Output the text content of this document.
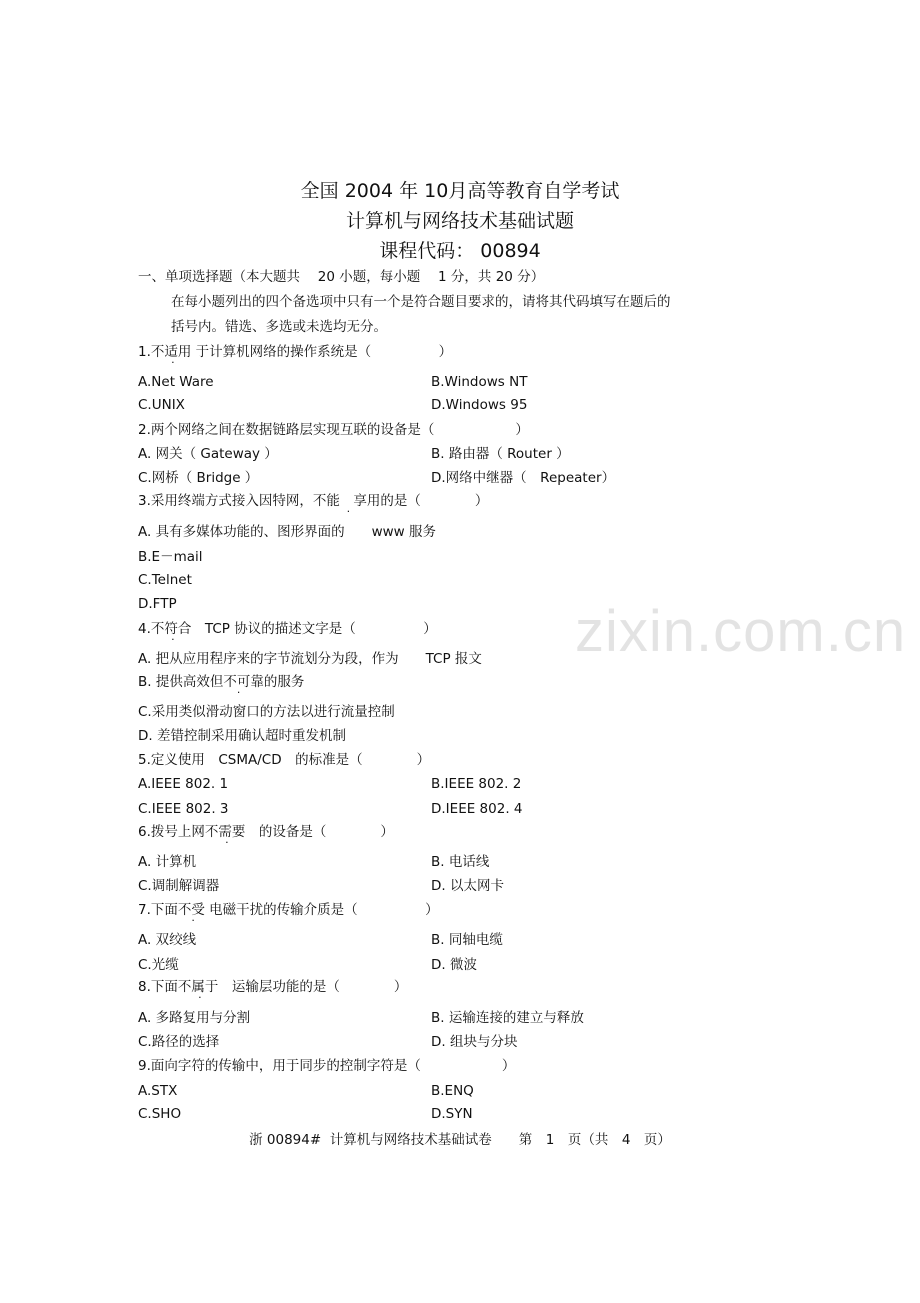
全国 2004 年 10月高等教育自学考试
计算机与网络技术基础试题
课程代码： 00894
一、单项选择题（本大题共　 20 小题，每小题　 1 分，共 20 分）
在每小题列出的四个备选项中只有一个是符合题目要求的，请将其代码填写在题后的
括号内。错选、多选或未选均无分。
1.不适用 于计算机网络的操作系统是（　　　　　）
A.Net Ware	B.Windows NT
C.UNIX	D.Windows 95
2.两个网络之间在数据链路层实现互联的设备是（　　　　　　）
A. 网关（ Gateway ）	B. 路由器（ Router ）
C.网桥（ Bridge ）	D.网络中继器（　Repeater）
3.采用终端方式接入因特网，不能　 . 享用的是（　　　　）
A. 具有多媒体功能的、图形界面的　　www 服务
B.E－mail
C.Telnet
D.FTP
4.不符合　TCP 协议的描述文字是（　　　　　）
A. 把从应用程序来的字节流划分为段，作为　　TCP 报文
B. 提供高效但不可靠的服务
C.采用类似滑动窗口的方法以进行流量控制
D. 差错控制采用确认超时重发机制
5.定义使用　CSMA/CD　的标准是（　　　　）
A.IEEE 802. 1	B.IEEE 802. 2
C.IEEE 802. 3	D.IEEE 802. 4
6.拨号上网不需要　的设备是（　　　　）
A. 计算机	B. 电话线
C.调制解调器	D. 以太网卡
7.下面不受 电磁干扰的传输介质是（　　　　　）
A. 双绞线	B. 同轴电缆
C.光缆	D. 微波
8.下面不属于　运输层功能的是（　　　　）
A. 多路复用与分割	B. 运输连接的建立与释放
C.路径的选择	D. 组块与分块
9.面向字符的传输中，用于同步的控制字符是（　　　　　　）
A.STX	B.ENQ
C.SHO	D.SYN
zixin.com.cn
浙 00894#  计算机与网络技术基础试卷　　第　1　页（共　4　页）
